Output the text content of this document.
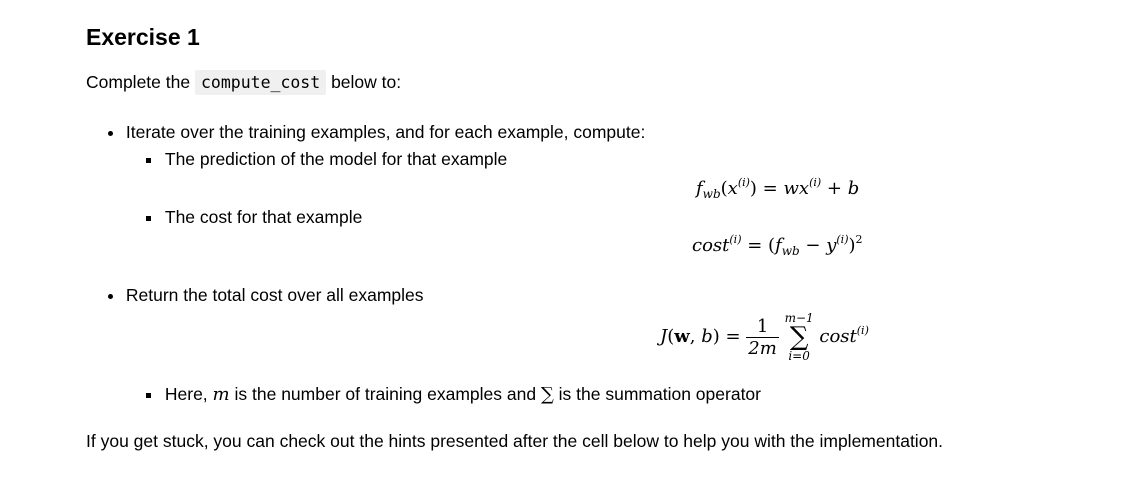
Exercise 1
Complete the compute_cost below to:
Iterate over the training examples, and for each example, compute:
The prediction of the model for that example
$f_{wb}(x^{(i)}) = wx^{(i)} + b$
The cost for that example
$\cos t^{(i)} = (f_{wb} - y^{(i)})^2$
Return the total cost over all examples
J(w, $b) = \frac{1}{2m}$
m−1
∑
i=0
cost$^{(i)}$
Here, m is the number of training examples and ∑ is the summation operator
If you get stuck, you can check out the hints presented after the cell below to help you with the implementation.
